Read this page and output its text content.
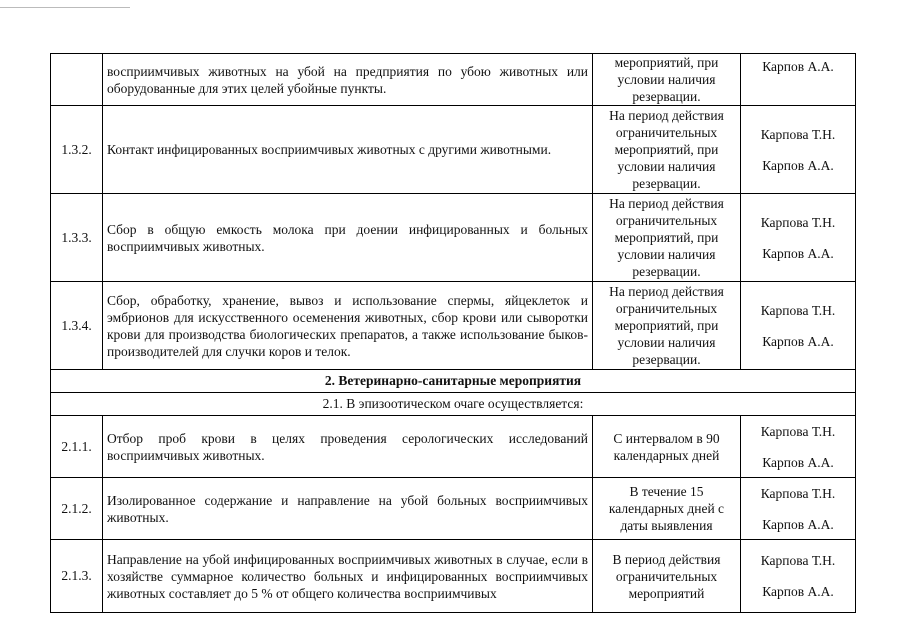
	восприимчивых животных на убой на предприятия по убою животных или оборудованные для этих целей убойные пункты.	мероприятий, при условии наличия резервации.	Карпов А.А.

1.3.2.	Контакт инфицированных восприимчивых животных с другими животными.	На период действия ограничительных мероприятий, при условии наличия резервации.	Карпова Т.Н.
Карпов А.А.

1.3.3.	Сбор в общую емкость молока при доении инфицированных и больных восприимчивых животных.	На период действия ограничительных мероприятий, при условии наличия резервации.	Карпова Т.Н.
Карпов А.А.

1.3.4.	Сбор, обработку, хранение, вывоз и использование спермы, яйцеклеток и эмбрионов для искусственного осеменения животных, сбор крови или сыворотки крови для производства биологических препаратов, а также использование быков-производителей для случки коров и телок.	На период действия ограничительных мероприятий, при условии наличия резервации.	Карпова Т.Н.
Карпов А.А.

2. Ветеринарно-санитарные мероприятия			
2.1. В эпизоотическом очаге осуществляется:			
2.1.1.	Отбор проб крови в целях проведения серологических исследований восприимчивых животных.	С интервалом в 90 календарных дней	Карпова Т.Н.
Карпов А.А.

2.1.2.	Изолированное содержание и направление на убой больных восприимчивых животных.	В течение 15 календарных дней с даты выявления	Карпова Т.Н.
Карпов А.А.

2.1.3.	Направление на убой инфицированных восприимчивых животных в случае, если в хозяйстве суммарное количество больных и инфицированных восприимчивых животных составляет до 5 % от общего количества восприимчивых	В период действия ограничительных мероприятий	Карпова Т.Н.
Карпов А.А.
